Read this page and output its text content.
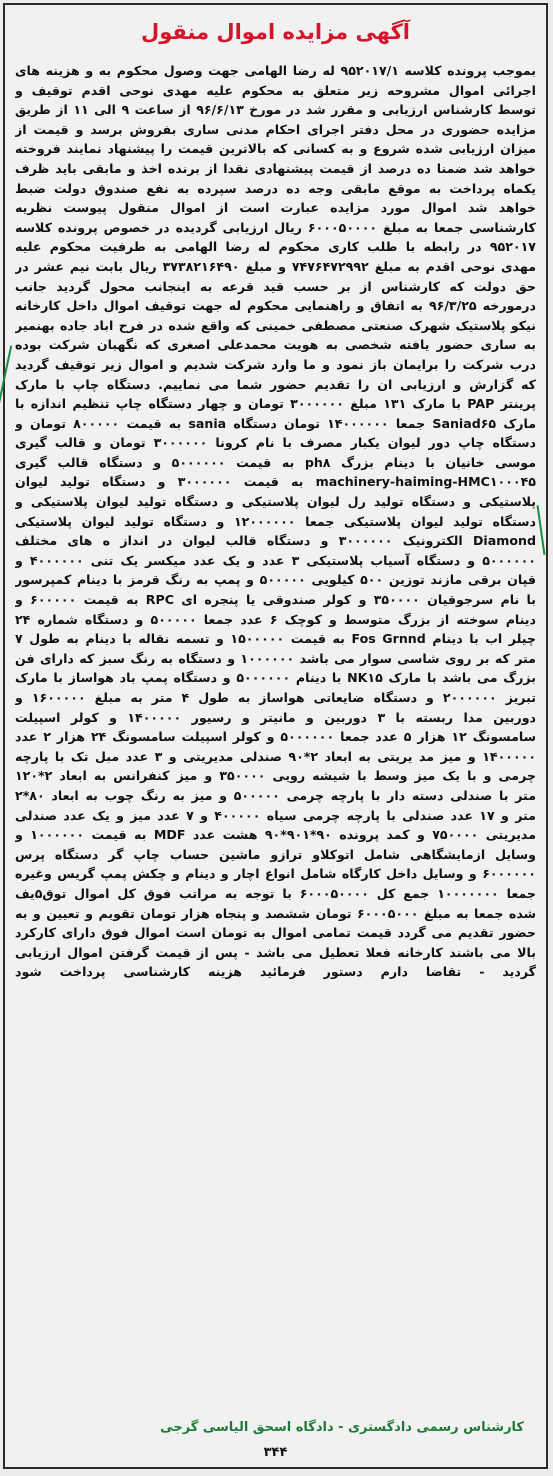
آگهی مزایده اموال منقول
بموجب پرونده کلاسه ۹۵۲۰۱۷/۱ له رضا الهامی جهت وصول محکوم به و هزینه های اجرائی اموال مشروحه زیر متعلق به محکوم علیه مهدی نوحی اقدم توقیف و توسط کارشناس ارزیابی و مقرر شد در مورخ ۹۶/۶/۱۳ از ساعت ۹ الی ۱۱ از طریق مزایده حضوری در محل دفتر اجرای احکام مدنی ساری بفروش برسد و قیمت از میزان ارزیابی شده شروع و به کسانی که بالاترین قیمت را پیشنهاد نمایند فروخته خواهد شد ضمنا ده درصد از قیمت پیشنهادی نقدا از برنده اخذ و مابقی باید ظرف یکماه پرداخت به موقع مابقی وجه ده درصد سپرده به نفع صندوق دولت ضبط خواهد شد اموال مورد مزایده عبارت است از اموال منقول پیوست نظریه کارشناسی جمعا به مبلغ ۶۰۰۰۵۰۰۰۰ ریال ارزیابی گردیده در خصوص پرونده کلاسه ۹۵۲۰۱۷ در رابطه با طلب کاری محکوم له رضا الهامی به طرفیت محکوم علیه مهدی نوحی اقدم به مبلغ ۷۴۷۶۴۷۲۹۹۲ و مبلغ ۳۷۳۸۲۱۶۴۹۰ ریال بابت نیم عشر در حق دولت که کارشناس از بر حسب قید قرعه به اینجانب محول گردید جانب درمورخه ۹۶/۳/۲۵ به اتفاق و راهنمایی محکوم له جهت توقیف اموال داخل کارخانه نیکو پلاستیک شهرک صنعتی مصطفی خمینی که واقع شده در فرح اباد جاده بهنمیر به ساری حضور یافته شخصی به هویت محمدعلی اصغری که نگهبان شرکت بوده درب شرکت را برایمان باز نمود و ما وارد شرکت شدیم و اموال زیر توقیف گردید که گزارش و ارزیابی ان را تقدیم حضور شما می نماییم. دستگاه چاپ با مارک پرینتر PAP با مارک ۱۳۱ مبلغ ۳۰۰۰۰۰۰ تومان و چهار دستگاه چاپ تنظیم اندازه با مارک Saniad۶۵ جمعا ۱۴۰۰۰۰۰۰ تومان دستگاه sania به قیمت ۸۰۰۰۰۰ تومان و دستگاه چاپ دور لیوان یکبار مصرف با نام کرونا ۳۰۰۰۰۰۰ تومان و قالب گیری موسی خانیان با دینام بزرگ ph۸ به قیمت ۵۰۰۰۰۰۰ و دستگاه قالب گیری machinery-haiming-HMC۱۰۰۰۴۵ به قیمت ۳۰۰۰۰۰۰ و دستگاه تولید لیوان پلاستیکی و دستگاه تولید رل لیوان پلاستیکی و دستگاه تولید لیوان پلاستیکی و دستگاه تولید لیوان پلاستیکی جمعا ۱۲۰۰۰۰۰۰ و دستگاه تولید لیوان پلاستیکی Diamond الکترونیک ۳۰۰۰۰۰۰ و دستگاه قالب لیوان در انداز ه های مختلف ۵۰۰۰۰۰۰ و دستگاه آسیاب پلاستیکی ۳ عدد و یک عدد میکسر یک تنی ۴۰۰۰۰۰۰ و قپان برقی مازند توزین ۵۰۰ کیلویی ۵۰۰۰۰۰ و پمپ به رنگ قرمز با دینام کمپرسور با نام سرجوقیان ۳۵۰۰۰۰ و کولر صندوقی یا پنجره ای RPC به قیمت ۶۰۰۰۰۰ و دینام سوخته از بزرگ متوسط و کوچک ۶ عدد جمعا ۵۰۰۰۰۰ و دستگاه شماره ۲۴ چیلر اب با دینام Fos Grnnd به قیمت ۱۵۰۰۰۰۰ و تسمه نقاله با دینام به طول ۷ متر که بر روی شاسی سوار می باشد ۱۰۰۰۰۰۰ و دستگاه به رنگ سبز که دارای فن بزرگ می باشد با مارک NK۱۵ با دینام ۵۰۰۰۰۰۰ و دستگاه پمپ باد هواساز با مارک تبریز ۲۰۰۰۰۰۰ و دستگاه ضایعاتی هواساز به طول ۴ متر به مبلغ ۱۶۰۰۰۰۰ و دوربین مدا ربسته با ۳ دوربین و مانیتر و رسیور ۱۴۰۰۰۰۰ و کولر اسپیلت سامسونگ ۱۲ هزار ۵ عدد جمعا ۵۰۰۰۰۰۰ و کولر اسپیلت سامسونگ ۲۴ هزار ۲ عدد ۱۴۰۰۰۰۰ و میز مد یریتی به ابعاد ۲*۹۰ صندلی مدیریتی و ۳ عدد مبل تک با پارچه چرمی و با یک میز وسط با شیشه رویی ۳۵۰۰۰۰ و میز کنفرانس به ابعاد ۲*۱۲۰ متر با صندلی دسته دار با پارچه چرمی ۵۰۰۰۰۰ و میز به رنگ چوب به ابعاد ۸۰*۲ متر و ۱۷ عدد صندلی با پارچه چرمی سیاه ۴۰۰۰۰۰ و ۷ عدد میز و یک عدد صندلی مدیریتی ۷۵۰۰۰۰ و کمد پرونده ۹۰*۹۰۱*۹۰ هشت عدد MDF به قیمت ۱۰۰۰۰۰۰ و وسایل ازمایشگاهی شامل اتوکلاو ترازو ماشین حساب چاپ گر دستگاه پرس ۶۰۰۰۰۰۰ و وسایل داخل کارگاه شامل انواع اچار و دینام و چکش پمپ گریس وغیره جمعا ۱۰۰۰۰۰۰۰ جمع کل ۶۰۰۰۵۰۰۰۰ با توجه به مراتب فوق کل اموال توق۵یف شده جمعا به مبلغ ۶۰۰۰۵۰۰۰ تومان ششصد و پنجاه هزار تومان تقویم و تعیین و به حضور تقدیم می گردد قیمت تمامی اموال به تومان است اموال فوق دارای کارکرد بالا می باشند کارخانه فعلا تعطیل می باشد - پس از قیمت گرفتن اموال ارزیابی گردید - تقاضا دارم دستور فرمائید هزینه کارشناسی پرداخت شود
کارشناس رسمی دادگستری - دادگاه اسحق الیاسی گرجی
۳۴۴
